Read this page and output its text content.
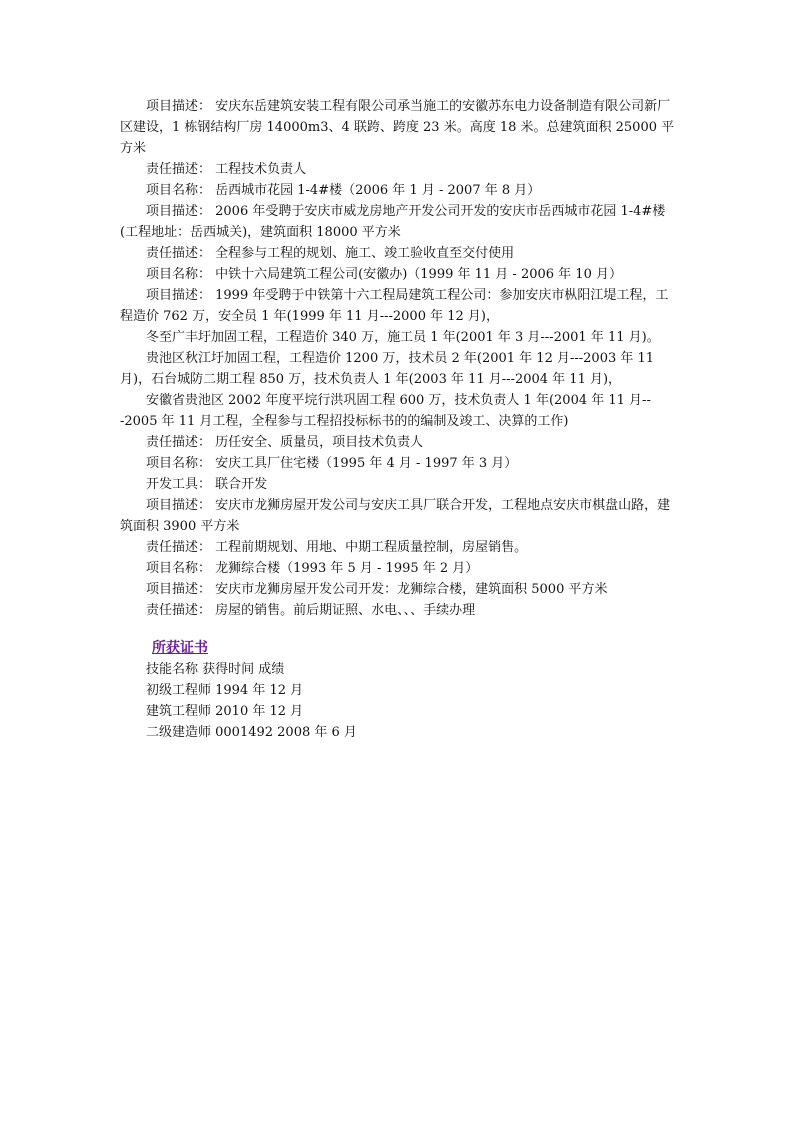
项目描述： 安庆东岳建筑安装工程有限公司承当施工的安徽苏东电力设备制造有限公司新厂区建设，1 栋钢结构厂房 14000m3、4 联跨、跨度 23 米。高度 18 米。总建筑面积 25000 平方米

责任描述： 工程技术负责人

项目名称： 岳西城市花园 1-4#楼（2006 年 1 月 - 2007 年 8 月）

项目描述： 2006 年受聘于安庆市威龙房地产开发公司开发的安庆市岳西城市花园 1-4#楼(工程地址：岳西城关)，建筑面积 18000 平方米

责任描述： 全程参与工程的规划、施工、竣工验收直至交付使用

项目名称： 中铁十六局建筑工程公司(安徽办)（1999 年 11 月 - 2006 年 10 月）

项目描述： 1999 年受聘于中铁第十六工程局建筑工程公司：参加安庆市枞阳江堤工程，工程造价 762 万，安全员 1 年(1999 年 11 月---2000 年 12 月)，

冬至广丰圩加固工程，工程造价 340 万，施工员 1 年(2001 年 3 月---2001 年 11 月)。

贵池区秋江圩加固工程，工程造价 1200 万，技术员 2 年(2001 年 12 月---2003 年 11 月)，石台城防二期工程 850 万，技术负责人 1 年(2003 年 11 月---2004 年 11 月)，

安徽省贵池区 2002 年度平垸行洪巩固工程 600 万，技术负责人 1 年(2004 年 11 月---2005 年 11 月工程，全程参与工程招投标标书的的编制及竣工、决算的工作)

责任描述： 历任安全、质量员，项目技术负责人

项目名称： 安庆工具厂住宅楼（1995 年 4 月 - 1997 年 3 月）

开发工具： 联合开发

项目描述： 安庆市龙狮房屋开发公司与安庆工具厂联合开发，工程地点安庆市棋盘山路，建筑面积 3900 平方米

责任描述： 工程前期规划、用地、中期工程质量控制，房屋销售。

项目名称： 龙狮综合楼（1993 年 5 月 - 1995 年 2 月）

项目描述： 安庆市龙狮房屋开发公司开发：龙狮综合楼，建筑面积 5000 平方米

责任描述： 房屋的销售。前后期证照、水电、、、手续办理

所获证书

技能名称 获得时间 成绩

初级工程师 1994 年 12 月

建筑工程师 2010 年 12 月

二级建造师 0001492 2008 年 6 月
